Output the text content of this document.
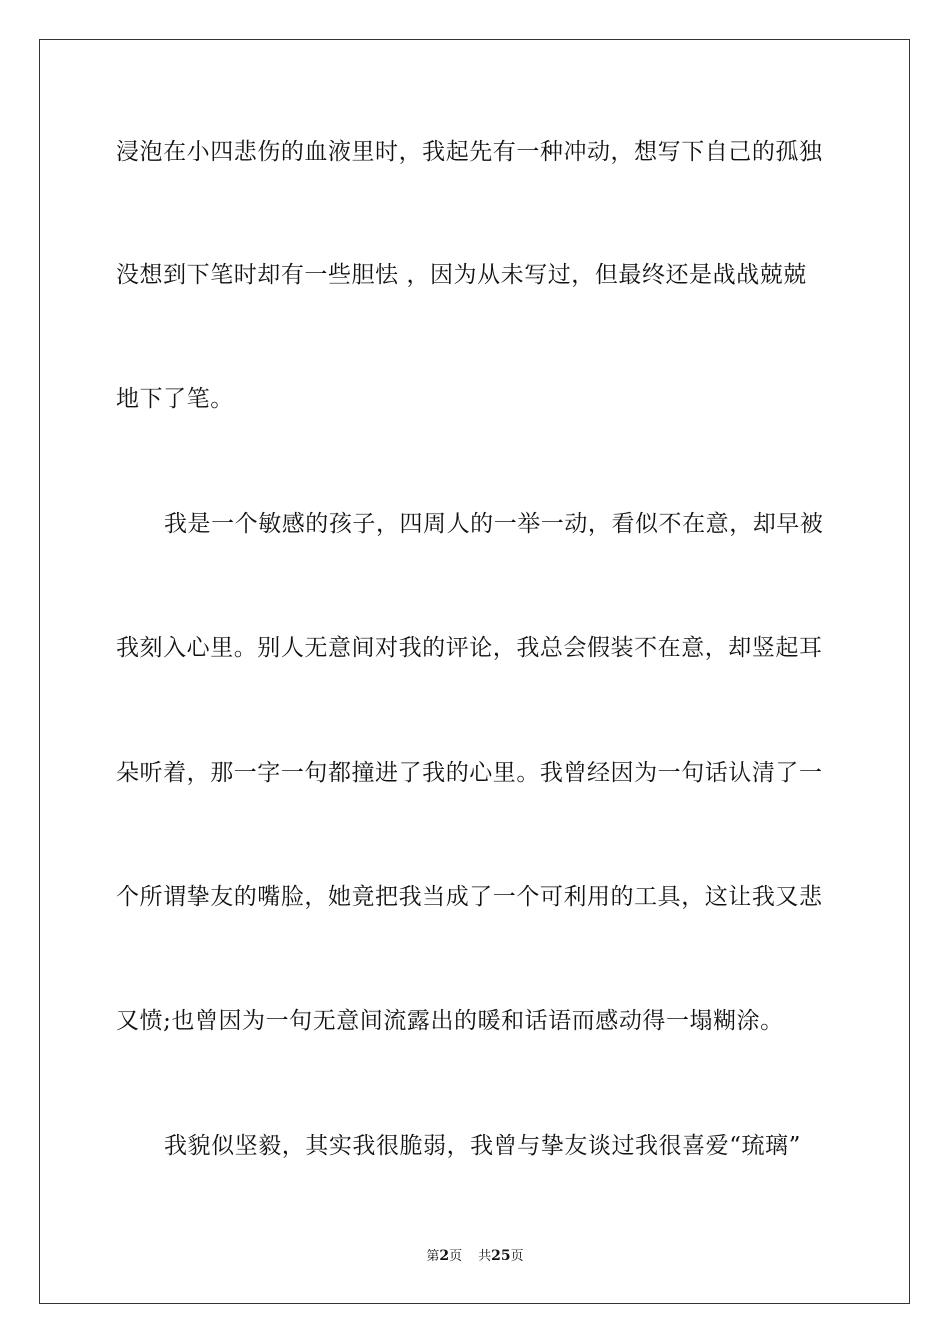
浸泡在小四悲伤的血液里时，我起先有一种冲动，想写下自己的孤独
没想到下笔时却有一些胆怯 ，因为从未写过，但最终还是战战兢兢
地下了笔。
我是一个敏感的孩子，四周人的一举一动，看似不在意，却早被
我刻入心里。别人无意间对我的评论，我总会假装不在意，却竖起耳
朵听着，那一字一句都撞进了我的心里。我曾经因为一句话认清了一
个所谓挚友的嘴脸，她竟把我当成了一个可利用的工具，这让我又悲
又愤;也曾因为一句无意间流露出的暖和话语而感动得一塌糊涂。
我貌似坚毅，其实我很脆弱，我曾与挚友谈过我很喜爱“琉璃”
第2页 共25页
